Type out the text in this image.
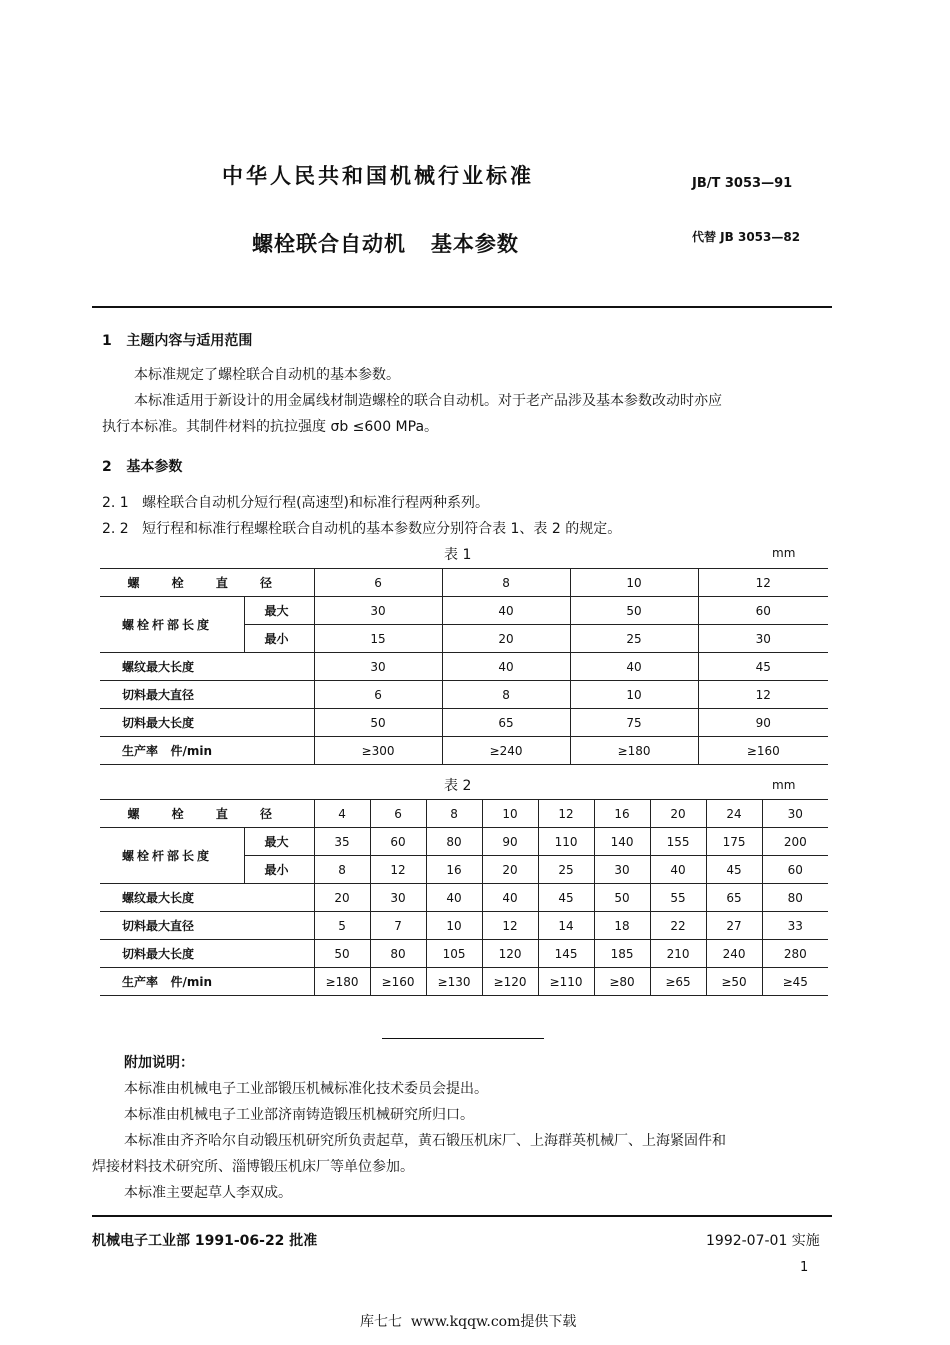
中华人民共和国机械行业标准	JB/T 3053—91
螺栓联合自动机   基本参数	代替 JB 3053—82
1   主题内容与适用范围
本标准规定了螺栓联合自动机的基本参数。
本标准适用于新设计的用金属线材制造螺栓的联合自动机。对于老产品涉及基本参数改动时亦应
执行本标准。其制件材料的抗拉强度 σb ≤600 MPa。
2   基本参数
2. 1   螺栓联合自动机分短行程(高速型)和标准行程两种系列。
2. 2   短行程和标准行程螺栓联合自动机的基本参数应分别符合表 1、表 2 的规定。
表 1	mm
螺 栓 直 径		6	8	10	12
螺栓杆部长度	最大	30	40	50	60
	最小	15	20	25	30
螺纹最大长度		30	40	40	45
切料最大直径		6	8	10	12
切料最大长度		50	65	75	90
生产率   件/min		≥300	≥240	≥180	≥160
表 2	mm
螺 栓 直 径		4	6	8	10	12	16	20	24	30
螺栓杆部长度	最大	35	60	80	90	110	140	155	175	200
	最小	8	12	16	20	25	30	40	45	60
螺纹最大长度		20	30	40	40	45	50	55	65	80
切料最大直径		5	7	10	12	14	18	22	27	33
切料最大长度		50	80	105	120	145	185	210	240	280
生产率   件/min		≥180	≥160	≥130	≥120	≥110	≥80	≥65	≥50	≥45
附加说明：
本标准由机械电子工业部锻压机械标准化技术委员会提出。
本标准由机械电子工业部济南铸造锻压机械研究所归口。
本标准由齐齐哈尔自动锻压机研究所负责起草，黄石锻压机床厂、上海群英机械厂、上海紧固件和
焊接材料技术研究所、淄博锻压机床厂等单位参加。
本标准主要起草人李双成。
机械电子工业部 1991-06-22 批准	1992-07-01 实施
1
库七七  www.kqqw.com提供下载
